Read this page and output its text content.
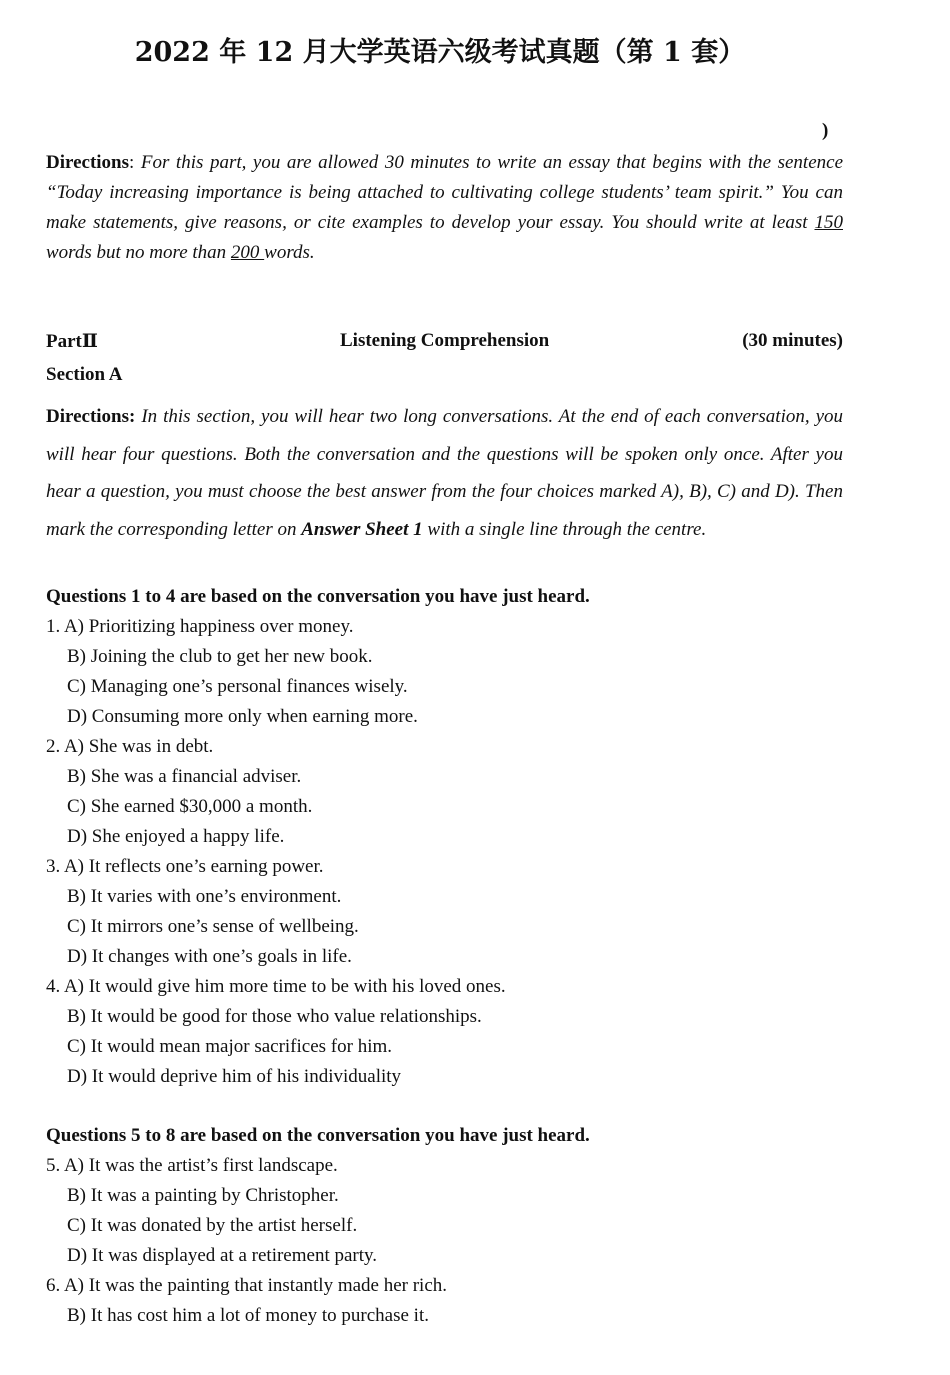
2022 年 12 月大学英语六级考试真题（第 1 套）
)
Directions: For this part, you are allowed 30 minutes to write an essay that begins with the sentence “Today increasing importance is being attached to cultivating college students’ team spirit.” You can make statements, give reasons, or cite examples to develop your essay. You should write at least 150 words but no more than 200 words.
PartⅡ	Listening Comprehension	(30 minutes)
Section A
Directions: In this section, you will hear two long conversations. At the end of each conversation, you will hear four questions. Both the conversation and the questions will be spoken only once. After you hear a question, you must choose the best answer from the four choices marked A), B), C) and D). Then mark the corresponding letter on Answer Sheet 1 with a single line through the centre.
Questions 1 to 4 are based on the conversation you have just heard.
1. A) Prioritizing happiness over money.
B) Joining the club to get her new book.
C) Managing one’s personal finances wisely.
D) Consuming more only when earning more.
2. A) She was in debt.
B) She was a financial adviser.
C) She earned $30,000 a month.
D) She enjoyed a happy life.
3. A) It reflects one’s earning power.
B) It varies with one’s environment.
C) It mirrors one’s sense of wellbeing.
D) It changes with one’s goals in life.
4. A) It would give him more time to be with his loved ones.
B) It would be good for those who value relationships.
C) It would mean major sacrifices for him.
D) It would deprive him of his individuality
Questions 5 to 8 are based on the conversation you have just heard.
5. A) It was the artist’s first landscape.
B) It was a painting by Christopher.
C) It was donated by the artist herself.
D) It was displayed at a retirement party.
6. A) It was the painting that instantly made her rich.
B) It has cost him a lot of money to purchase it.
